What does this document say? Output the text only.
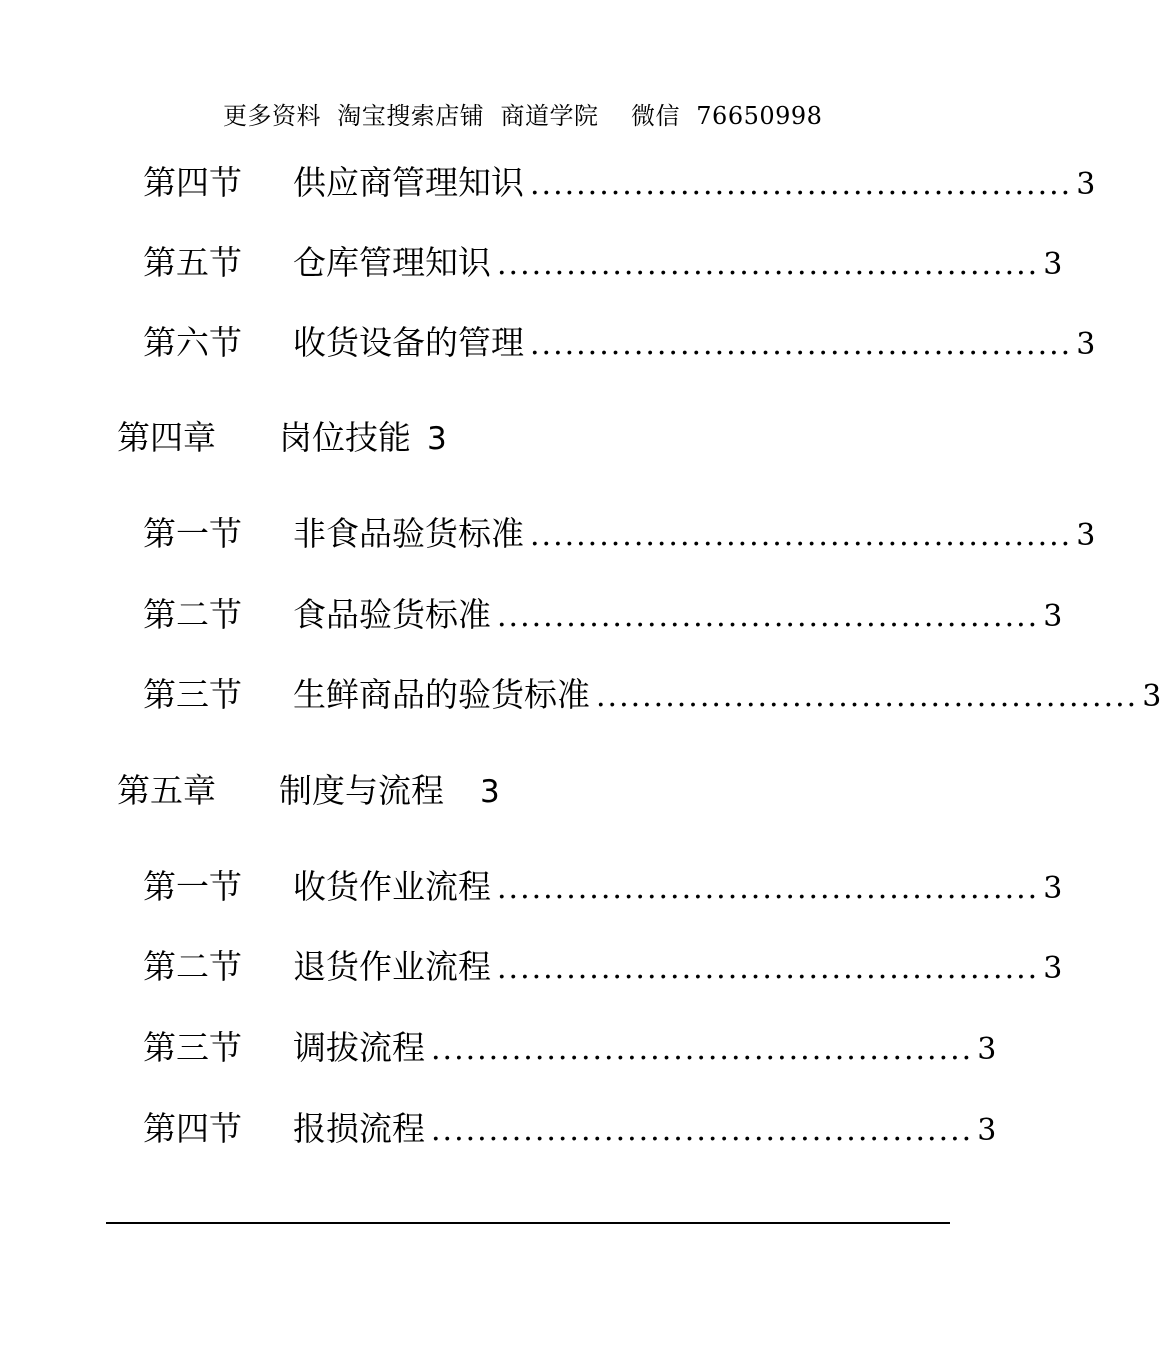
更多资料  淘宝搜索店铺  商道学院    微信  76650998
第四节	供应商管理知识 ............................................... 3
第五节	仓库管理知识 ............................................... 3
第六节	收货设备的管理 ............................................... 3
第四章	岗位技能 3
第一节	非食品验货标准 ............................................... 3
第二节	食品验货标准 ............................................... 3
第三节	生鲜商品的验货标准 ............................................... 3
第五章	制度与流程	3
第一节	收货作业流程 ............................................... 3
第二节	退货作业流程 ............................................... 3
第三节	调拔流程 ............................................... 3
第四节	报损流程 ............................................... 3
